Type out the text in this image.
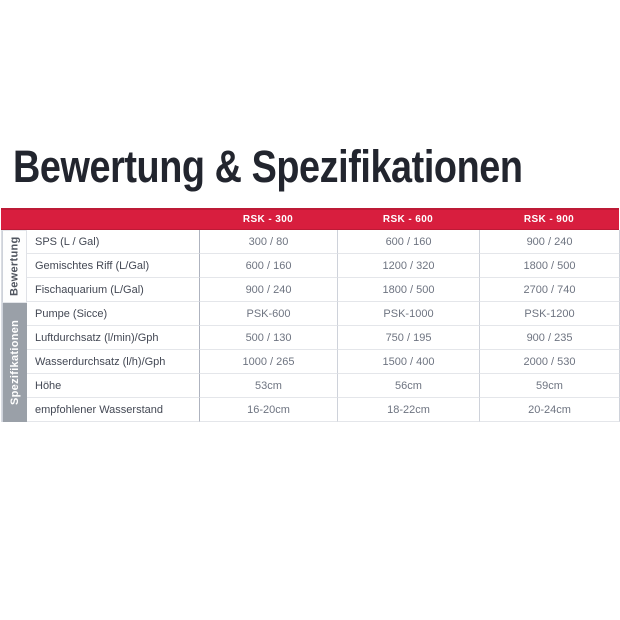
Bewertung & Spezifikationen
RSK - 300	RSK - 600	RSK - 900
Bewertung
Spezifikationen
SPS (L / Gal)	300 / 80	600 / 160	900 / 240
Gemischtes Riff (L/Gal)	600 / 160	1200 / 320	1800 / 500
Fischaquarium (L/Gal)	900 / 240	1800 / 500	2700 / 740
Pumpe (Sicce)	PSK-600	PSK-1000	PSK-1200
Luftdurchsatz (l/min)/Gph	500 / 130	750 / 195	900 / 235
Wasserdurchsatz (l/h)/Gph	1000 / 265	1500 / 400	2000 / 530
Höhe	53cm	56cm	59cm
empfohlener Wasserstand	16-20cm	18-22cm	20-24cm
